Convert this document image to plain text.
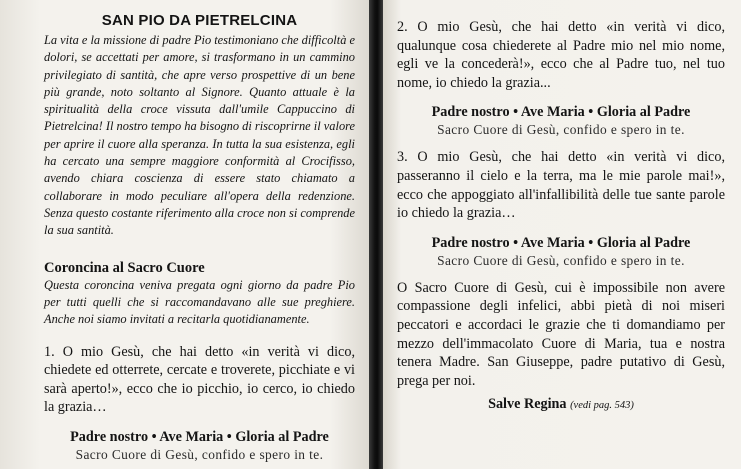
SAN PIO DA PIETRELCINA

La vita e la missione di padre Pio testimoniano che difficoltà e dolori, se accettati per amore, si trasformano in un cammino privilegiato di santità, che apre verso prospettive di un bene più grande, noto soltanto al Signore. Quanto attuale è la spiritualità della croce vissuta dall'umile Cappuccino di Pietrelcina! Il nostro tempo ha bisogno di riscoprirne il valore per aprire il cuore alla speranza. In tutta la sua esistenza, egli ha cercato una sempre maggiore conformità al Crocifisso, avendo chiara coscienza di essere stato chiamato a collaborare in modo peculiare all'opera della redenzione. Senza questo costante riferimento alla croce non si comprende la sua santità.

Coroncina al Sacro Cuore

Questa coroncina veniva pregata ogni giorno da padre Pio per tutti quelli che si raccomandavano alle sue preghiere. Anche noi siamo invitati a recitarla quotidianamente.

1. O mio Gesù, che hai detto «in verità vi dico, chiedete ed otterrete, cercate e troverete, picchiate e vi sarà aperto!», ecco che io picchio, io cerco, io chiedo la grazia…

Padre nostro • Ave Maria • Gloria al Padre
Sacro Cuore di Gesù, confido e spero in te.

2. O mio Gesù, che hai detto «in verità vi dico, qualunque cosa chiederete al Padre mio nel mio nome, egli ve la concederà!», ecco che al Padre tuo, nel tuo nome, io chiedo la grazia...

Padre nostro • Ave Maria • Gloria al Padre
Sacro Cuore di Gesù, confido e spero in te.

3. O mio Gesù, che hai detto «in verità vi dico, passeranno il cielo e la terra, ma le mie parole mai!», ecco che appoggiato all'infallibilità delle tue sante parole io chiedo la grazia…

Padre nostro • Ave Maria • Gloria al Padre
Sacro Cuore di Gesù, confido e spero in te.

O Sacro Cuore di Gesù, cui è impossibile non avere compassione degli infelici, abbi pietà di noi miseri peccatori e accordaci le grazie che ti domandiamo per mezzo dell'immacolato Cuore di Maria, tua e nostra tenera Madre. San Giuseppe, padre putativo di Gesù, prega per noi.

Salve Regina (vedi pag. 543)
